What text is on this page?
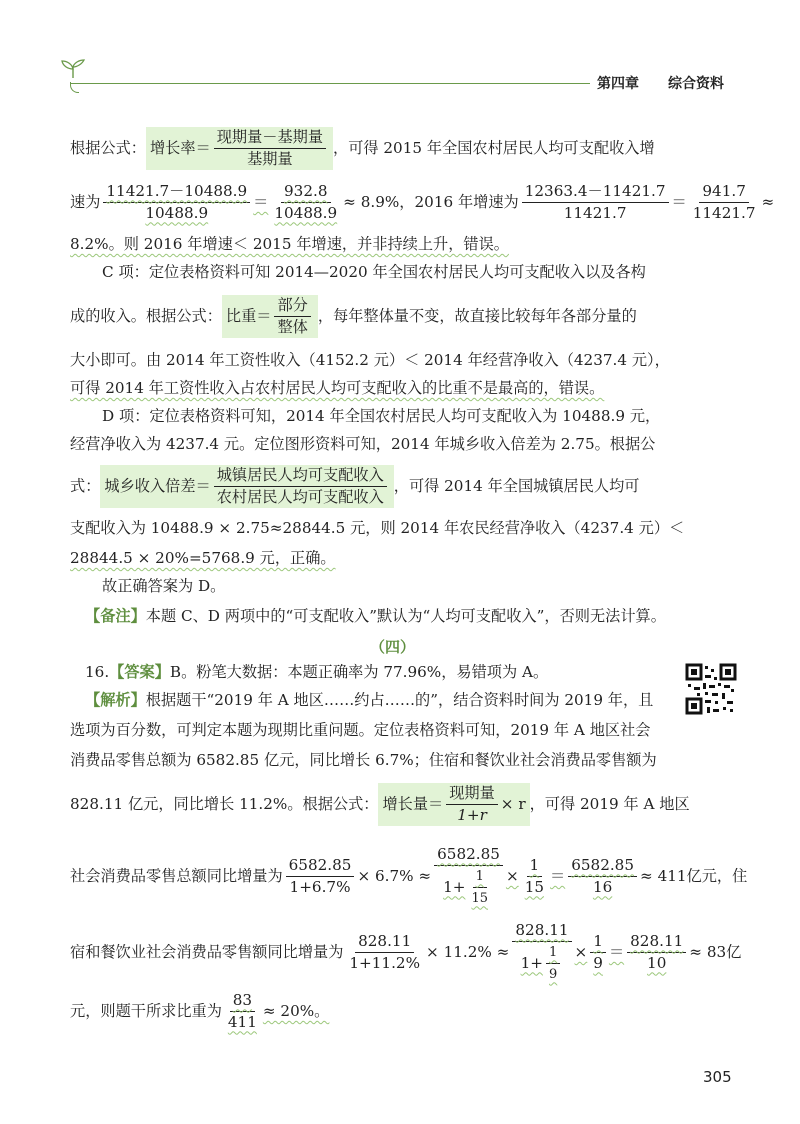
第四章 综合资料
根据公式： 增长率＝ $\frac{\text{现期量－基期量}}{\text{基期量}}$ ，可得 2015 年全国农村居民人均可支配收入增
速为 $\frac{11421.7-10488.9}{10488.9} = \frac{932.8}{10488.9} \approx 8.9\%$，2016 年增速为 $\frac{12363.4-11421.7}{11421.7} = \frac{941.7}{11421.7}$ ≈
8.2%。则 2016 年增速＜ 2015 年增速，并非持续上升，错误。
C 项：定位表格资料可知 2014—2020 年全国农村居民人均可支配收入以及各构
成的收入。根据公式： 比重＝ $\frac{\text{部分}}{\text{整体}}$ ，每年整体量不变，故直接比较每年各部分量的
大小即可。由 2014 年工资性收入（4152.2 元）＜ 2014 年经营净收入（4237.4 元），
可得 2014 年工资性收入占农村居民人均可支配收入的比重不是最高的，错误。
D 项：定位表格资料可知，2014 年全国农村居民人均可支配收入为 10488.9 元，
经营净收入为 4237.4 元。定位图形资料可知，2014 年城乡收入倍差为 2.75。根据公
式： 城乡收入倍差＝ $\frac{\text{城镇居民人均可支配收入}}{\text{农村居民人均可支配收入}}$ ，可得 2014 年全国城镇居民人均可
支配收入为 10488.9 × 2.75≈28844.5 元，则 2014 年农民经营净收入（4237.4 元）＜
28844.5 × 20%=5768.9 元，正确。
故正确答案为 D。
【备注】本题 C、D 两项中的“可支配收入”默认为“人均可支配收入”，否则无法计算。
（四）
16.【答案】B。粉笔大数据：本题正确率为 77.96%，易错项为 A。
【解析】根据题干“2019 年 A 地区……约占……的”，结合资料时间为 2019 年，且
选项为百分数，可判定本题为现期比重问题。定位表格资料可知，2019 年 A 地区社会
消费品零售总额为 6582.85 亿元，同比增长 6.7%；住宿和餐饮业社会消费品零售额为
828.11 亿元，同比增长 11.2%。根据公式： 增长量＝ $\frac{\text{现期量}}{1+r} \times r$ ，可得 2019 年 A 地区
社会消费品零售总额同比增量为 $\frac{6582.85}{1+6.7\%} \times 6.7\% \approx \frac{6582.85}{1+ \frac{1}{15}} \times \frac{1}{15} = \frac{6582.85}{16} \approx 411$亿元，住
宿和餐饮业社会消费品零售额同比增量为 $\frac{828.11}{1+11.2\%} \times 11.2\% \approx \frac{828.11}{1+ \frac{1}{9}} \times \frac{1}{9} = \frac{828.11}{10} \approx 83$亿
元，则题干所求比重为 $\frac{83}{411} \approx 20\%$。
305
